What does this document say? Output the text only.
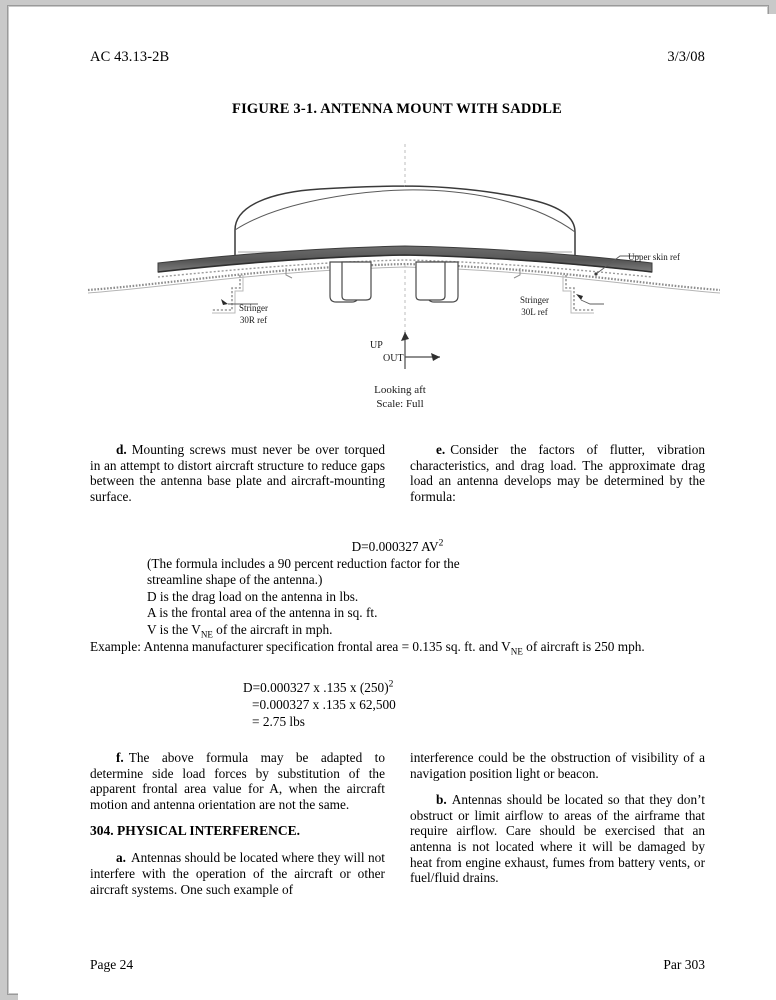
AC 43.13-2B	3/3/08
FIGURE 3-1. ANTENNA MOUNT WITH SADDLE
Upper skin ref
Stringer
30R ref
Stringer
30L ref
UP
OUT
Looking aft
Scale: Full

d. Mounting screws must never be over torqued in an attempt to distort aircraft structure to reduce gaps between the antenna base plate and aircraft-mounting surface.

e. Consider the factors of flutter, vibration characteristics, and drag load. The approximate drag load an antenna develops may be determined by the formula:

D=0.000327 $AV^2$
(The formula includes a 90 percent reduction factor for the
streamline shape of the antenna.)
D is the drag load on the antenna in lbs.
A is the frontal area of the antenna in sq. ft.
V is the $V_{NE}$ of the aircraft in mph.
Example: Antenna manufacturer specification frontal area = 0.135 sq. ft. and $V_{NE}$ of aircraft is 250 mph.
D=0.000327 x .135 x $(250)^2$
=0.000327 x .135 x 62,500
= 2.75 lbs

f. The above formula may be adapted to determine side load forces by substitution of the apparent frontal area value for A, when the aircraft motion and antenna orientation are not the same.

304. PHYSICAL INTERFERENCE.

a. Antennas should be located where they will not interfere with the operation of the aircraft or other aircraft systems. One such example of

interference could be the obstruction of visibility of a navigation position light or beacon.

b. Antennas should be located so that they don’t obstruct or limit airflow to areas of the airframe that require airflow. Care should be exercised that an antenna is not located where it will be damaged by heat from engine exhaust, fumes from battery vents, or fuel/fluid drains.

Page 24	Par 303
